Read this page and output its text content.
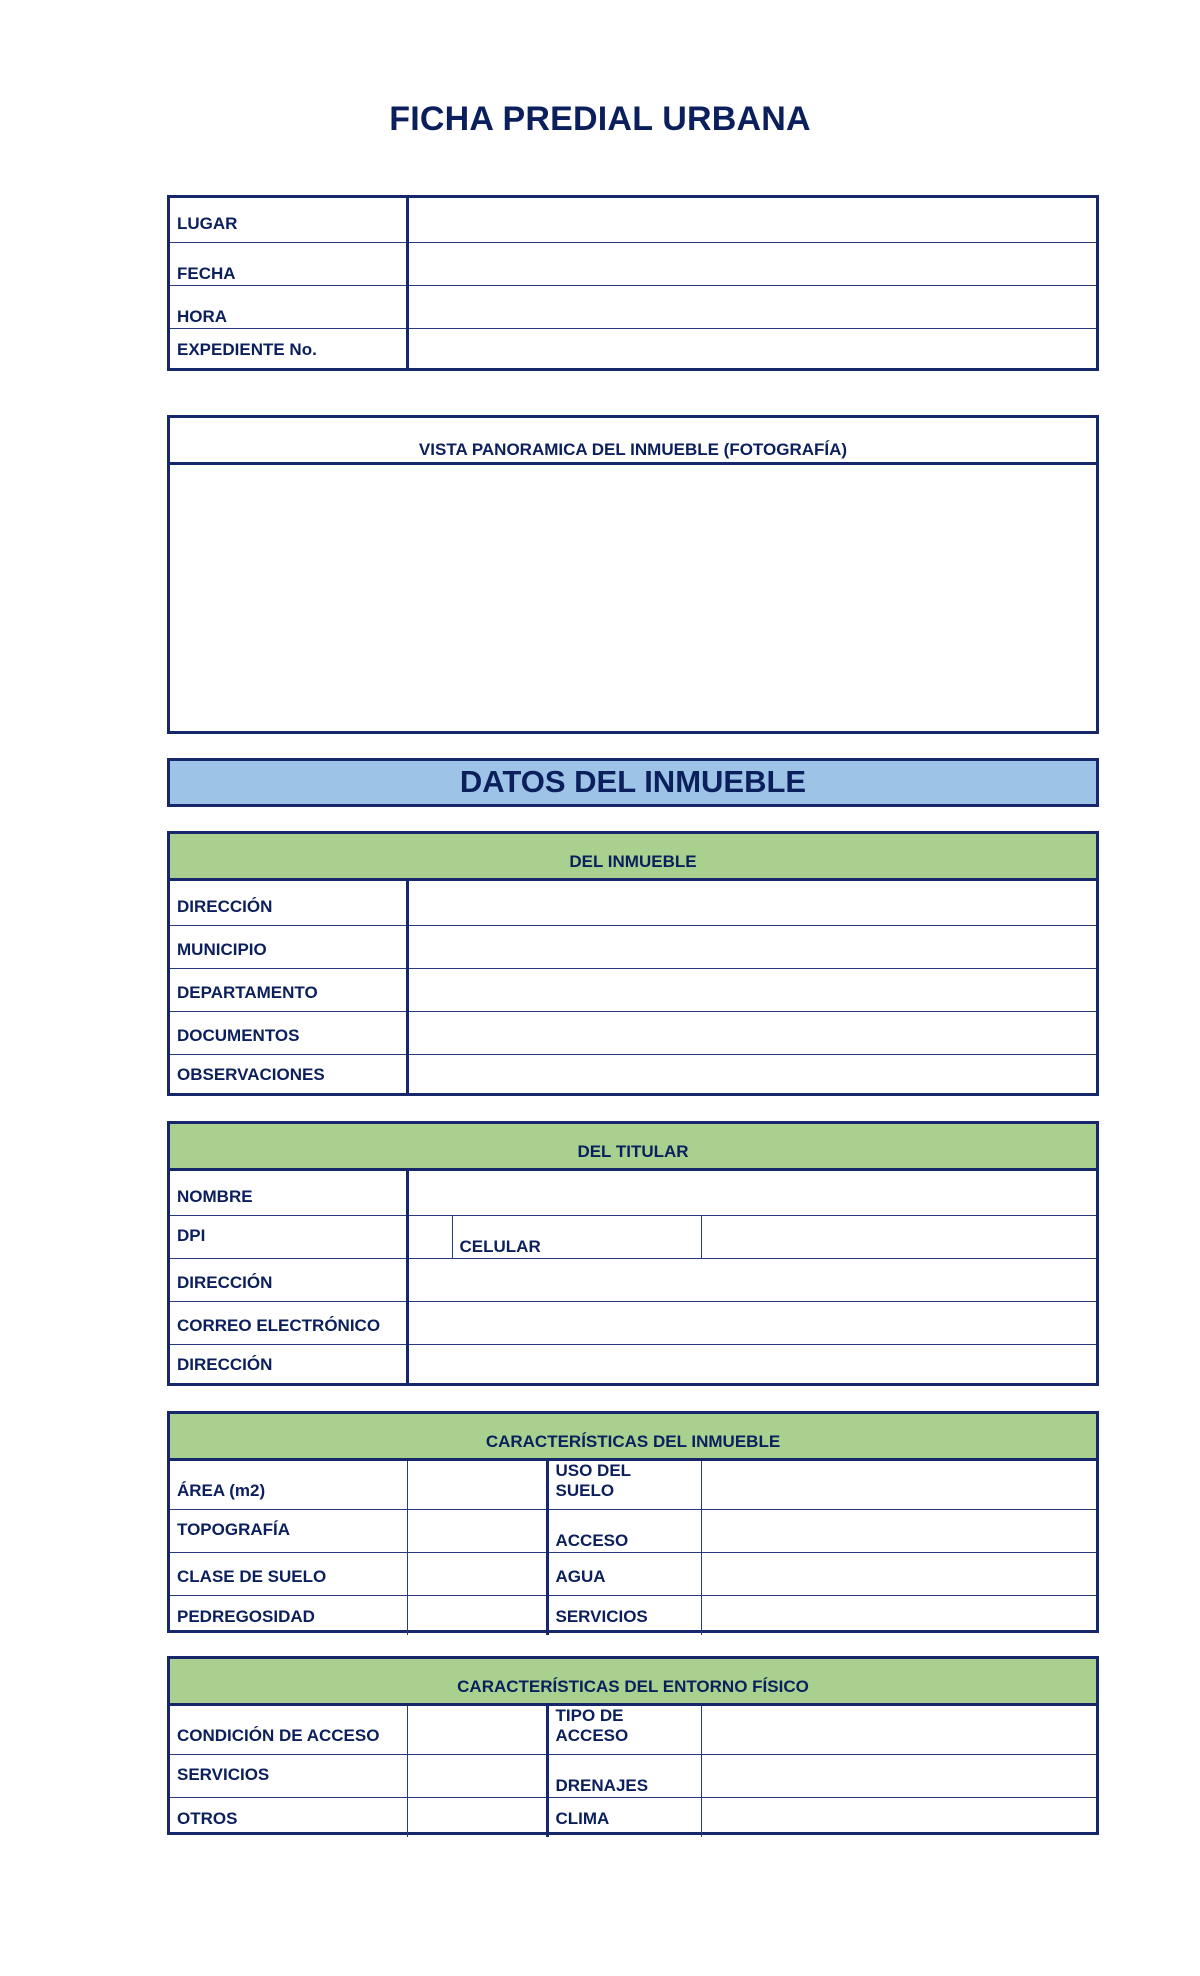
FICHA PREDIAL URBANA
LUGAR	
FECHA	
HORA	
EXPEDIENTE No.	
VISTA PANORAMICA DEL INMUEBLE (FOTOGRAFÍA)
DATOS DEL INMUEBLE
DEL INMUEBLE
DIRECCIÓN	
MUNICIPIO	
DEPARTAMENTO	
DOCUMENTOS	
OBSERVACIONES	
DEL TITULAR
NOMBRE			
DPI		CELULAR	
DIRECCIÓN			
CORREO ELECTRÓNICO			
DIRECCIÓN			
CARACTERÍSTICAS DEL INMUEBLE
ÁREA (m2)		USO DEL SUELO	
TOPOGRAFÍA		ACCESO	
CLASE DE SUELO		AGUA	
PEDREGOSIDAD		SERVICIOS	
CARACTERÍSTICAS DEL ENTORNO FÍSICO
CONDICIÓN DE ACCESO		TIPO DE ACCESO	
SERVICIOS		DRENAJES	
OTROS		CLIMA	
